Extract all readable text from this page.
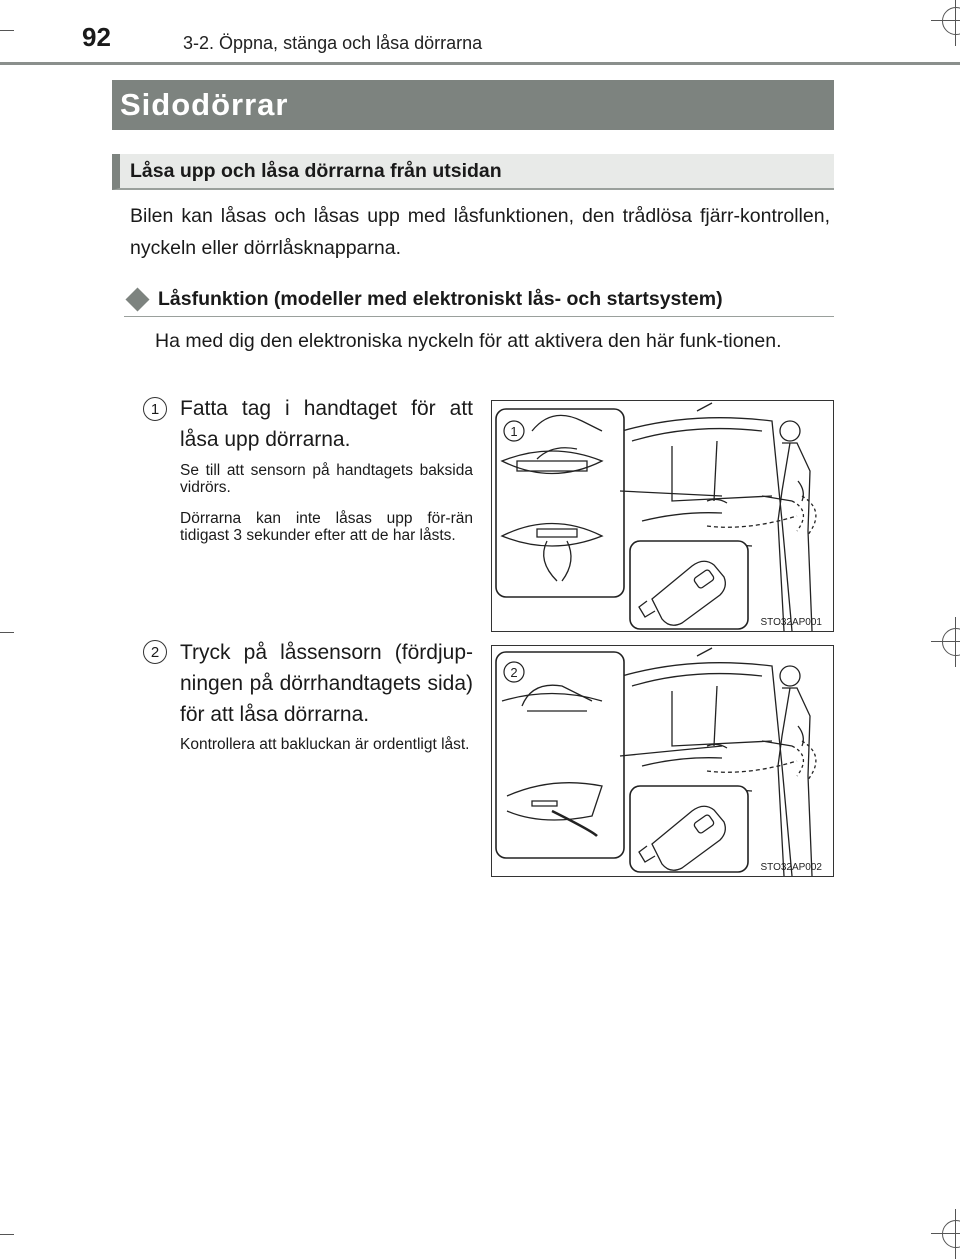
92	3-2. Öppna, stänga och låsa dörrarna
Sidodörrar
Låsa upp och låsa dörrarna från utsidan
Bilen kan låsas och låsas upp med låsfunktionen, den trådlösa fjärr-kontrollen, nyckeln eller dörrlåsknapparna.
Låsfunktion (modeller med elektroniskt lås- och startsystem)
Ha med dig den elektroniska nyckeln för att aktivera den här funk-tionen.
1 Fatta tag i handtaget för att låsa upp dörrarna.
Se till att sensorn på handtagets baksida vidrörs.
Dörrarna kan inte låsas upp för-rän tidigast 3 sekunder efter att de har låsts.
1
STO32AP001
2 Tryck på låssensorn (fördjup-ningen på dörrhandtagets sida) för att låsa dörrarna.
Kontrollera att bakluckan är ordentligt låst.
2
STO32AP002
